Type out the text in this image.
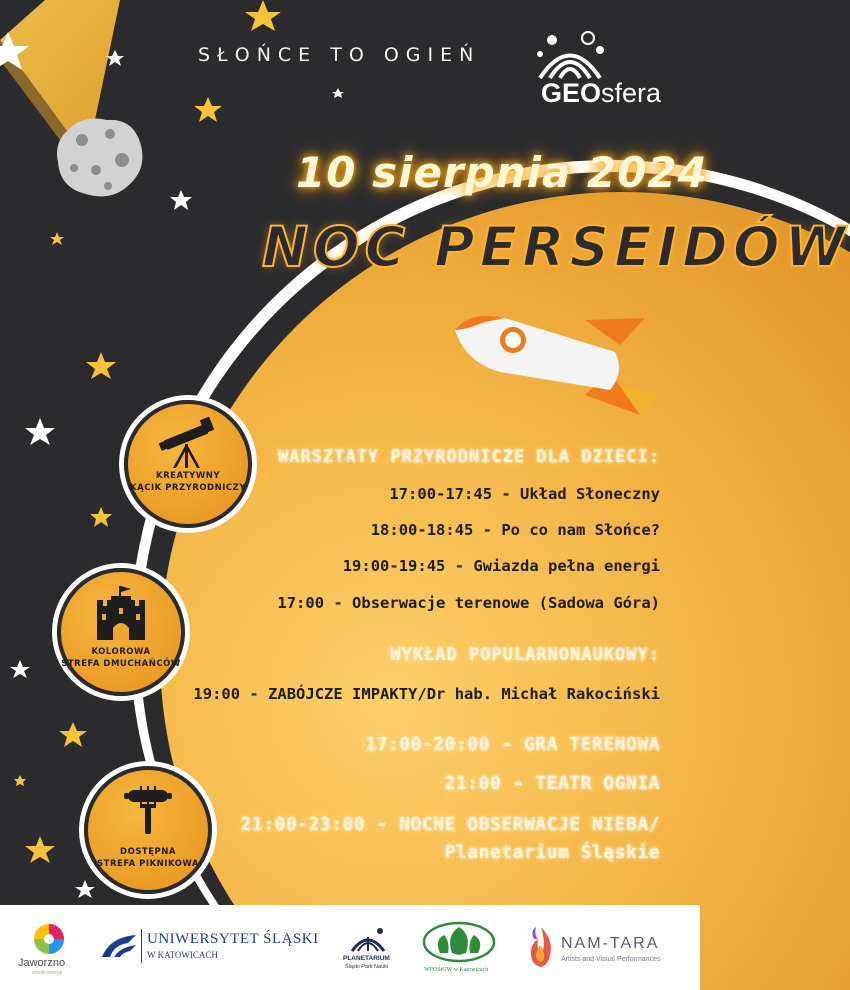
SŁOŃCE TO OGIEŃ
GEOsfera
10 sierpnia 2024
NOC PERSEIDÓW
KREATYWNY
KĄCIK PRZYRODNICZY
KOLOROWA
STREFA DMUCHAŃCÓW
DOSTĘPNA
STREFA PIKNIKOWA
WARSZTATY PRZYRODNICZE DLA DZIECI:
17:00-17:45 - Układ Słoneczny
18:00-18:45 - Po co nam Słońce?
19:00-19:45 - Gwiazda pełna energi
17:00 - Obserwacje terenowe (Sadowa Góra)
WYKŁAD POPULARNONAUKOWY:
19:00 - ZABÓJCZE IMPAKTY/Dr hab. Michał Rakociński
17:00-20:00 - GRA TERENOWA
21:00 - TEATR OGNIA
21:00-23:00 - NOCNE OBSERWACJE NIEBA/
Planetarium Śląskie
Jaworzno
źródło energii
UNIWERSYTET ŚLĄSKI
W KATOWICACH	PLANETARIUM
Śląski Park Nauki	WFOŚiGW w Katowicach
NAM-TARA
Artists and Visual Performances
